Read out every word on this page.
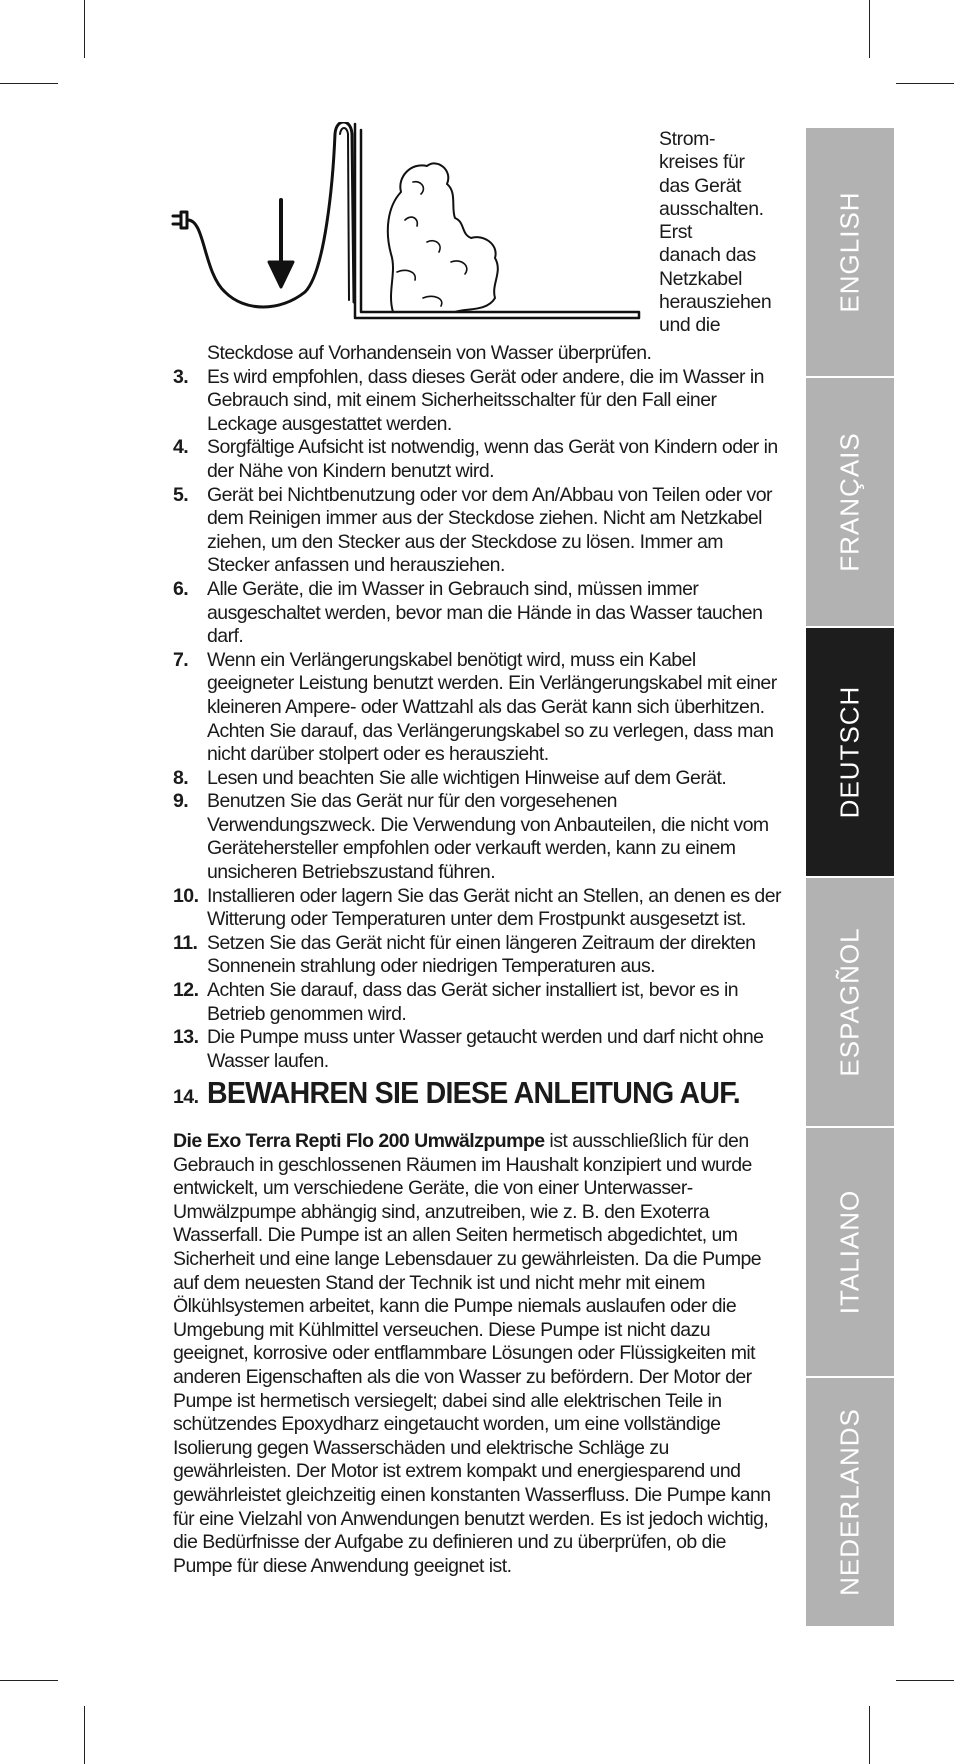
Strom-
kreises für
das Gerät
ausschalten.
Erst
danach das
Netzkabel
herausziehen
und die
Steckdose auf Vorhandensein von Wasser überprüfen.
3. Es wird empfohlen, dass dieses Gerät oder andere, die im Wasser in Gebrauch sind, mit einem Sicherheitsschalter für den Fall einer Leckage ausgestattet werden.
4. Sorgfältige Aufsicht ist notwendig, wenn das Gerät von Kindern oder in der Nähe von Kindern benutzt wird.
5. Gerät bei Nichtbenutzung oder vor dem An/Abbau von Teilen oder vor dem Reinigen immer aus der Steckdose ziehen. Nicht am Netzkabel ziehen, um den Stecker aus der Steckdose zu lösen. Immer am Stecker anfassen und herausziehen.
6. Alle Geräte, die im Wasser in Gebrauch sind, müssen immer ausgeschaltet werden, bevor man die Hände in das Wasser tauchen darf.
7. Wenn ein Verlängerungskabel benötigt wird, muss ein Kabel geeigneter Leistung benutzt werden. Ein Verlängerungskabel mit einer kleineren Ampere- oder Wattzahl als das Gerät kann sich überhitzen. Achten Sie darauf, das Verlängerungskabel so zu verlegen, dass man nicht darüber stolpert oder es herauszieht.
8. Lesen und beachten Sie alle wichtigen Hinweise auf dem Gerät.
9. Benutzen Sie das Gerät nur für den vorgesehenen Verwendungszweck. Die Verwendung von Anbauteilen, die nicht vom Gerätehersteller empfohlen oder verkauft werden, kann zu einem unsicheren Betriebszustand führen.
10. Installieren oder lagern Sie das Gerät nicht an Stellen, an denen es der Witterung oder Temperaturen unter dem Frostpunkt ausgesetzt ist.
11. Setzen Sie das Gerät nicht für einen längeren Zeitraum der direkten Sonnenein strahlung oder niedrigen Temperaturen aus.
12. Achten Sie darauf, dass das Gerät sicher installiert ist, bevor es in Betrieb genommen wird.
13. Die Pumpe muss unter Wasser getaucht werden und darf nicht ohne Wasser laufen.
14. BEWAHREN SIE DIESE ANLEITUNG AUF.
Die Exo Terra Repti Flo 200 Umwälzpumpe ist ausschließlich für den Gebrauch in geschlossenen Räumen im Haushalt konzipiert und wurde entwickelt, um verschiedene Geräte, die von einer Unterwasser-Umwälzpumpe abhängig sind, anzutreiben, wie z. B. den Exoterra Wasserfall. Die Pumpe ist an allen Seiten hermetisch abgedichtet, um Sicherheit und eine lange Lebensdauer zu gewährleisten. Da die Pumpe auf dem neuesten Stand der Technik ist und nicht mehr mit einem Ölkühlsystemen arbeitet, kann die Pumpe niemals auslaufen oder die Umgebung mit Kühlmittel verseuchen. Diese Pumpe ist nicht dazu geeignet, korrosive oder entflammbare Lösungen oder Flüssigkeiten mit anderen Eigenschaften als die von Wasser zu befördern. Der Motor der Pumpe ist hermetisch versiegelt; dabei sind alle elektrischen Teile in schützendes Epoxydharz eingetaucht worden, um eine vollständige Isolierung gegen Wasserschäden und elektrische Schläge zu gewährleisten. Der Motor ist extrem kompakt und energiesparend und gewährleistet gleichzeitig einen konstanten Wasserfluss. Die Pumpe kann für eine Vielzahl von Anwendungen benutzt werden. Es ist jedoch wichtig, die Bedürfnisse der Aufgabe zu definieren und zu überprüfen, ob die Pumpe für diese Anwendung geeignet ist.
ENGLISH
FRANÇAIS
DEUTSCH
ESPAGÑOL
ITALIANO
NEDERLANDS
